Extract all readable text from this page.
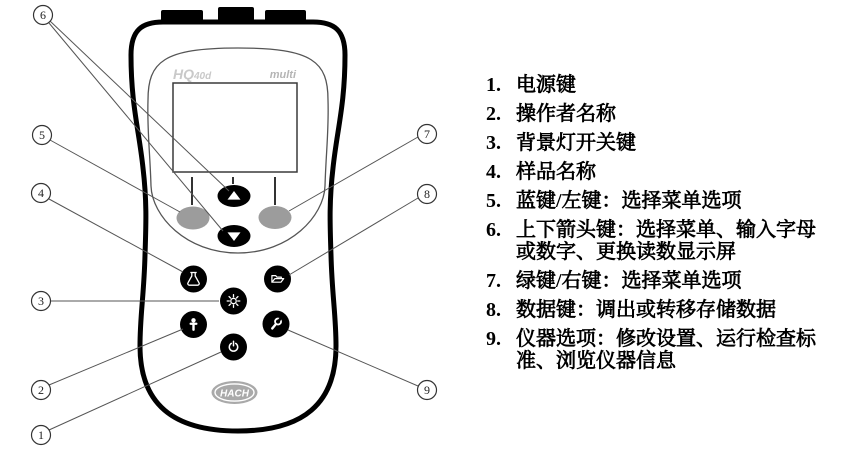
HQ40d	multi
HACH
1
2
3
4
5
6
7
8
9
1. 电源键
2. 操作者名称
3. 背景灯开关键
4. 样品名称
5. 蓝键/左键：选择菜单选项
6. 上下箭头键：选择菜单、输入字母或数字、更换读数显示屏
7. 绿键/右键：选择菜单选项
8. 数据键：调出或转移存储数据
9. 仪器选项：修改设置、运行检查标准、浏览仪器信息
